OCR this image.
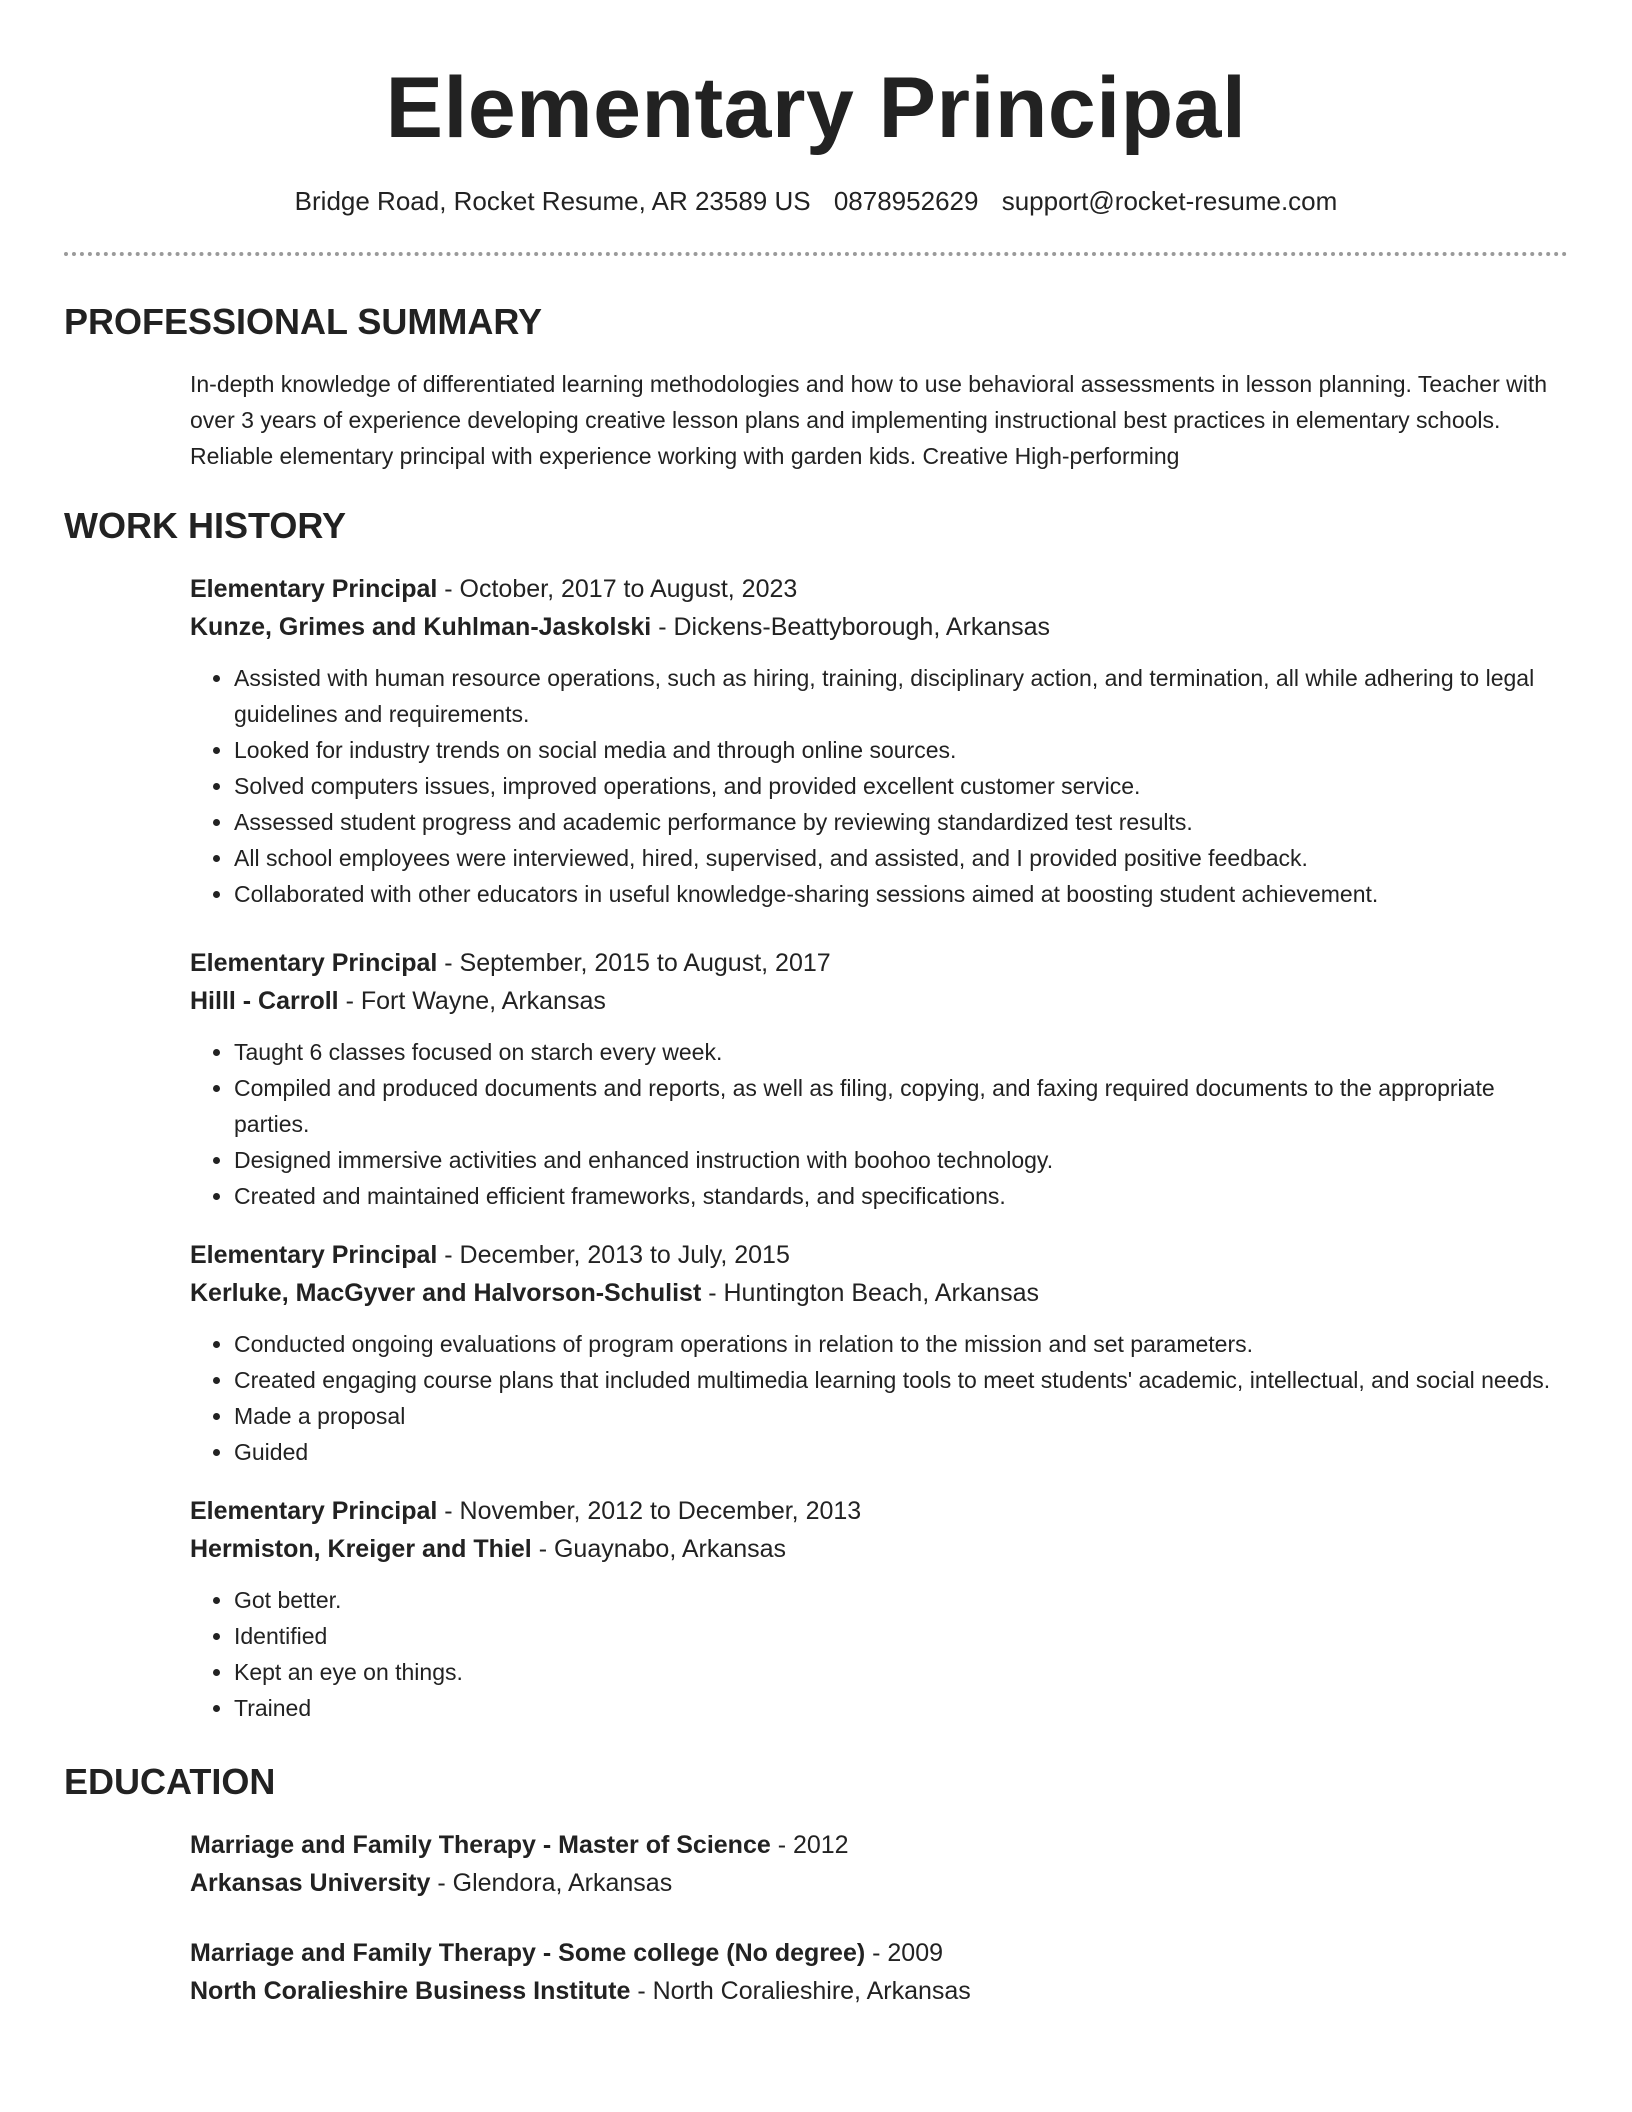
Elementary Principal
Bridge Road, Rocket Resume, AR 23589 US 0878952629 support@rocket-resume.com
PROFESSIONAL SUMMARY

In-depth knowledge of differentiated learning methodologies and how to use behavioral assessments in lesson planning. Teacher with over 3 years of experience developing creative lesson plans and implementing instructional best practices in elementary schools. Reliable elementary principal with experience working with garden kids. Creative High-performing

WORK HISTORY
Elementary Principal - October, 2017 to August, 2023
Kunze, Grimes and Kuhlman-Jaskolski - Dickens-Beattyborough, Arkansas
• Assisted with human resource operations, such as hiring, training, disciplinary action, and termination, all while adhering to legal guidelines and requirements.
• Looked for industry trends on social media and through online sources.
• Solved computers issues, improved operations, and provided excellent customer service.
• Assessed student progress and academic performance by reviewing standardized test results.
• All school employees were interviewed, hired, supervised, and assisted, and I provided positive feedback.
• Collaborated with other educators in useful knowledge-sharing sessions aimed at boosting student achievement.
Elementary Principal - September, 2015 to August, 2017
Hilll - Carroll - Fort Wayne, Arkansas
• Taught 6 classes focused on starch every week.
• Compiled and produced documents and reports, as well as filing, copying, and faxing required documents to the appropriate parties.
• Designed immersive activities and enhanced instruction with boohoo technology.
• Created and maintained efficient frameworks, standards, and specifications.
Elementary Principal - December, 2013 to July, 2015
Kerluke, MacGyver and Halvorson-Schulist - Huntington Beach, Arkansas
• Conducted ongoing evaluations of program operations in relation to the mission and set parameters.
• Created engaging course plans that included multimedia learning tools to meet students' academic, intellectual, and social needs.
• Made a proposal
• Guided
Elementary Principal - November, 2012 to December, 2013
Hermiston, Kreiger and Thiel - Guaynabo, Arkansas
• Got better.
• Identified
• Kept an eye on things.
• Trained
EDUCATION
Marriage and Family Therapy - Master of Science - 2012
Arkansas University - Glendora, Arkansas
Marriage and Family Therapy - Some college (No degree) - 2009
North Coralieshire Business Institute - North Coralieshire, Arkansas
